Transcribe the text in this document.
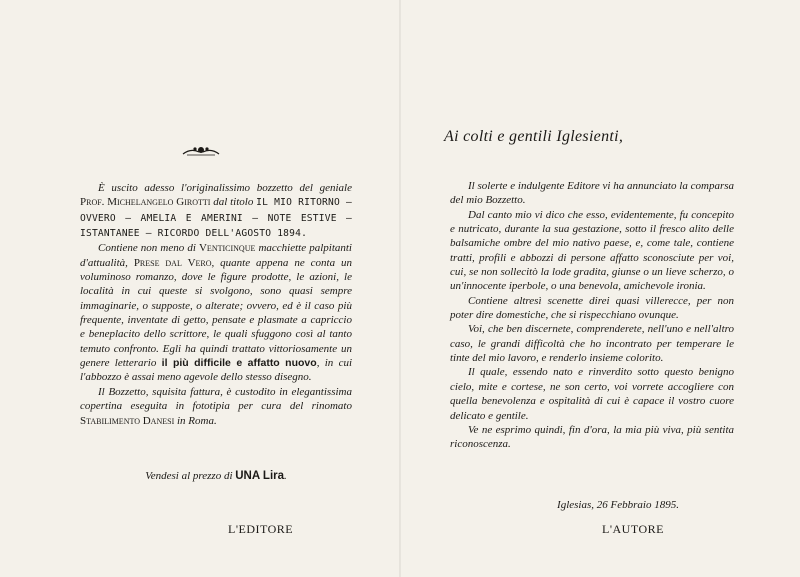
È uscito adesso l'originalissimo bozzetto del geniale Prof. Michelangelo Girotti dal titolo IL MIO RITORNO – OVVERO – AMELIA E AMERINI – NOTE ESTIVE – ISTANTANEE – RICORDO DELL'AGOSTO 1894.

Contiene non meno di Venticinque macchiette palpitanti d'attualità, Prese dal Vero, quante appena ne conta un voluminoso romanzo, dove le figure prodotte, le azioni, le località in cui queste si svolgono, sono quasi sempre immaginarie, o supposte, o alterate; ovvero, ed è il caso più frequente, inventate di getto, pensate e plasmate a capriccio e beneplacito dello scrittore, le quali sfuggono così al tanto temuto confronto. Egli ha quindi trattato vittoriosamente un genere letterario il più difficile e affatto nuovo, in cui l'abbozzo è assai meno agevole dello stesso disegno.

Il Bozzetto, squisita fattura, è custodito in elegantissima copertina eseguita in fototipia per cura del rinomato Stabilimento Danesi in Roma.

Vendesi al prezzo di UNA Lira.
L'EDITORE
Ai colti e gentili Iglesienti,

Il solerte e indulgente Editore vi ha annunciato la comparsa del mio Bozzetto.

Dal canto mio vi dico che esso, evidentemente, fu concepito e nutricato, durante la sua gestazione, sotto il fresco alito delle balsamiche ombre del mio nativo paese, e, come tale, contiene tratti, profili e abbozzi di persone affatto sconosciute per voi, cui, se non sollecitò la lode gradita, giunse o un lieve scherzo, o un'innocente iperbole, o una benevola, amichevole ironia.

Contiene altresì scenette direi quasi villerecce, per non poter dire domestiche, che si rispecchiano ovunque.

Voi, che ben discernete, comprenderete, nell'uno e nell'altro caso, le grandi difficoltà che ho incontrato per temperare le tinte del mio lavoro, e renderlo insieme colorito.

Il quale, essendo nato e rinverdito sotto questo benigno cielo, mite e cortese, ne son certo, voi vorrete accogliere con quella benevolenza e ospitalità di cui è capace il vostro cuore delicato e gentile.

Ve ne esprimo quindi, fin d'ora, la mia più viva, più sentita riconoscenza.

Iglesias, 26 Febbraio 1895.
L'AUTORE
